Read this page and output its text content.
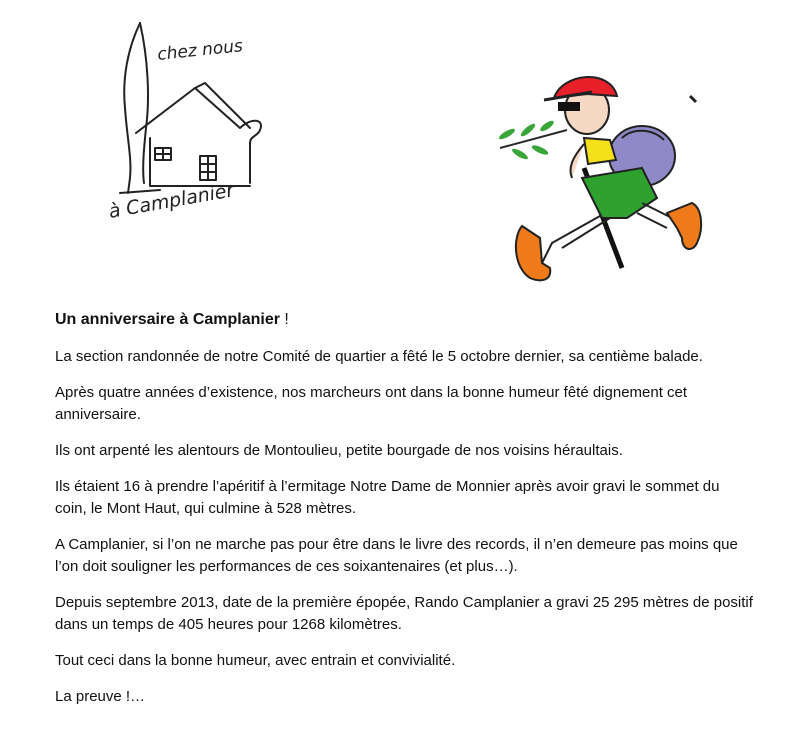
chez nous
à Camplanier
Un anniversaire à Camplanier !

La section randonnée de notre Comité de quartier a fêté le 5 octobre dernier, sa centième balade.

Après quatre années d’existence, nos marcheurs ont dans la bonne humeur fêté dignement cet anniversaire.

Ils ont arpenté les alentours de Montoulieu, petite bourgade de nos voisins héraultais.

Ils étaient 16 à prendre l’apéritif à l’ermitage Notre Dame de Monnier après avoir gravi le sommet du coin, le Mont Haut, qui culmine à 528 mètres.

A Camplanier, si l’on ne marche pas pour être dans le livre des records, il n’en demeure pas moins que l’on doit souligner les performances de ces soixantenaires (et plus…).

Depuis septembre 2013, date de la première épopée, Rando Camplanier a gravi 25 295 mètres de positif dans un temps de 405 heures pour 1268 kilomètres.

Tout ceci dans la bonne humeur, avec entrain et convivialité.

La preuve !…
